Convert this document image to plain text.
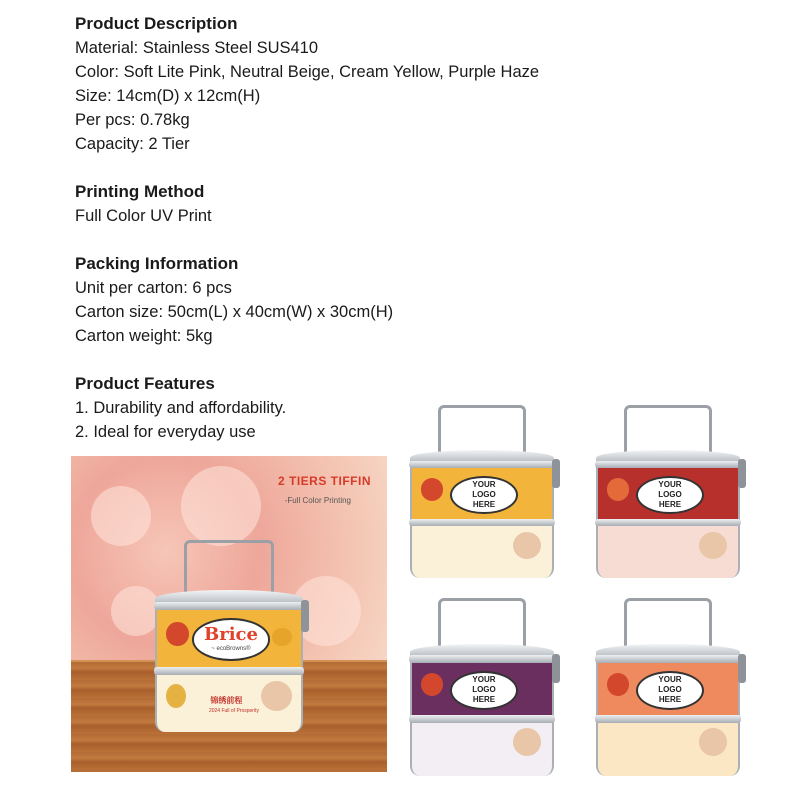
Product Description
Material: Stainless Steel SUS410
Color: Soft Lite Pink, Neutral Beige, Cream Yellow, Purple Haze
Size: 14cm(D) x 12cm(H)
Per pcs: 0.78kg
Capacity: 2 Tier
Printing Method
Full Color UV Print
Packing Information
Unit per carton: 6 pcs
Carton size: 50cm(L) x 40cm(W) x 30cm(H)
Carton weight: 5kg
Product Features
1. Durability and affordability.
2. Ideal for everyday use
2 TIERS TIFFIN
-Full Color Printing
Brice
~ ecoBrowns®
锦绣前程
2024 Full of Prosperity
YOUR
LOGO
HERE
YOUR
LOGO
HERE
YOUR
LOGO
HERE
YOUR
LOGO
HERE
